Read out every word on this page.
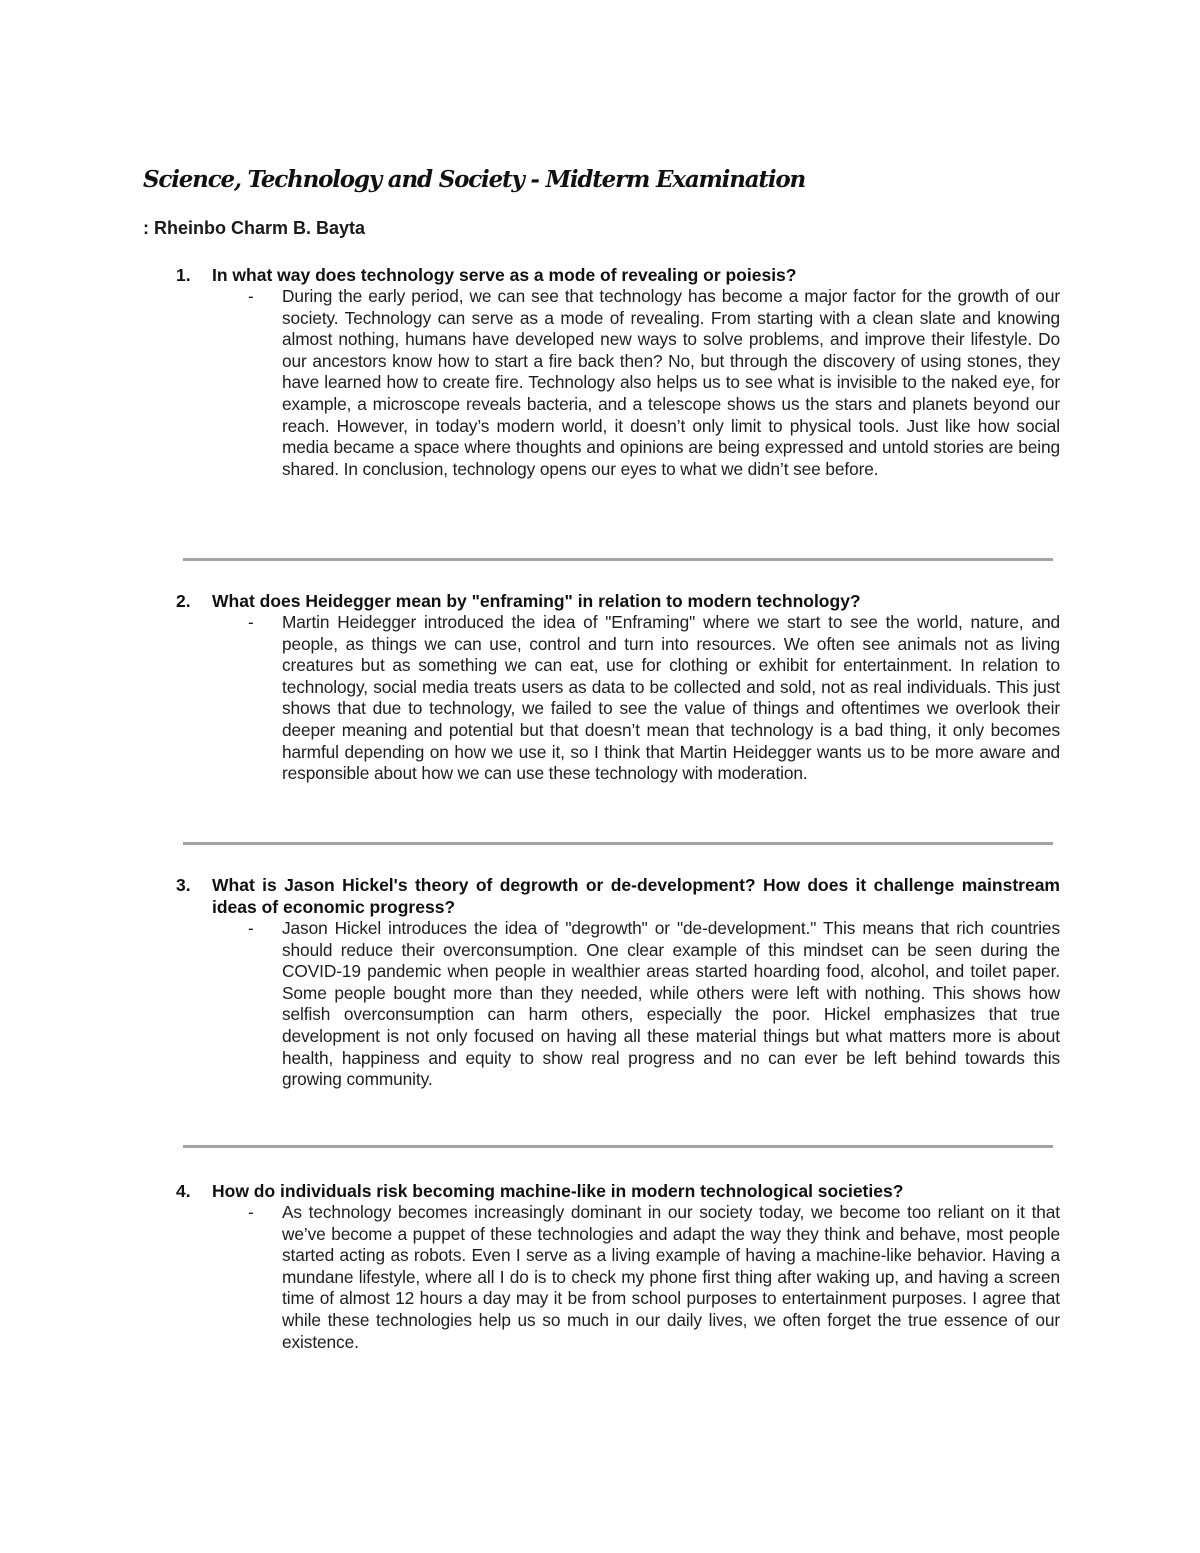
Science, Technology and Society - Midterm Examination

: Rheinbo Charm B. Bayta

1. In what way does technology serve as a mode of revealing or poiesis?

- During the early period, we can see that technology has become a major factor for the growth of our society. Technology can serve as a mode of revealing. From starting with a clean slate and knowing almost nothing, humans have developed new ways to solve problems, and improve their lifestyle. Do our ancestors know how to start a fire back then? No, but through the discovery of using stones, they have learned how to create fire. Technology also helps us to see what is invisible to the naked eye, for example, a microscope reveals bacteria, and a telescope shows us the stars and planets beyond our reach. However, in today’s modern world, it doesn’t only limit to physical tools. Just like how social media became a space where thoughts and opinions are being expressed and untold stories are being shared. In conclusion, technology opens our eyes to what we didn’t see before.

2. What does Heidegger mean by "enframing" in relation to modern technology?

- Martin Heidegger introduced the idea of "Enframing" where we start to see the world, nature, and people, as things we can use, control and turn into resources. We often see animals not as living creatures but as something we can eat, use for clothing or exhibit for entertainment. In relation to technology, social media treats users as data to be collected and sold, not as real individuals. This just shows that due to technology, we failed to see the value of things and oftentimes we overlook their deeper meaning and potential but that doesn’t mean that technology is a bad thing, it only becomes harmful depending on how we use it, so I think that Martin Heidegger wants us to be more aware and responsible about how we can use these technology with moderation.

3. What is Jason Hickel's theory of degrowth or de-development? How does it challenge mainstream ideas of economic progress?

- Jason Hickel introduces the idea of "degrowth" or "de-development." This means that rich countries should reduce their overconsumption. One clear example of this mindset can be seen during the COVID-19 pandemic when people in wealthier areas started hoarding food, alcohol, and toilet paper. Some people bought more than they needed, while others were left with nothing. This shows how selfish overconsumption can harm others, especially the poor. Hickel emphasizes that true development is not only focused on having all these material things but what matters more is about health, happiness and equity to show real progress and no can ever be left behind towards this growing community.

4. How do individuals risk becoming machine-like in modern technological societies?

- As technology becomes increasingly dominant in our society today, we become too reliant on it that we’ve become a puppet of these technologies and adapt the way they think and behave, most people started acting as robots. Even I serve as a living example of having a machine-like behavior. Having a mundane lifestyle, where all I do is to check my phone first thing after waking up, and having a screen time of almost 12 hours a day may it be from school purposes to entertainment purposes. I agree that while these technologies help us so much in our daily lives, we often forget the true essence of our existence.
